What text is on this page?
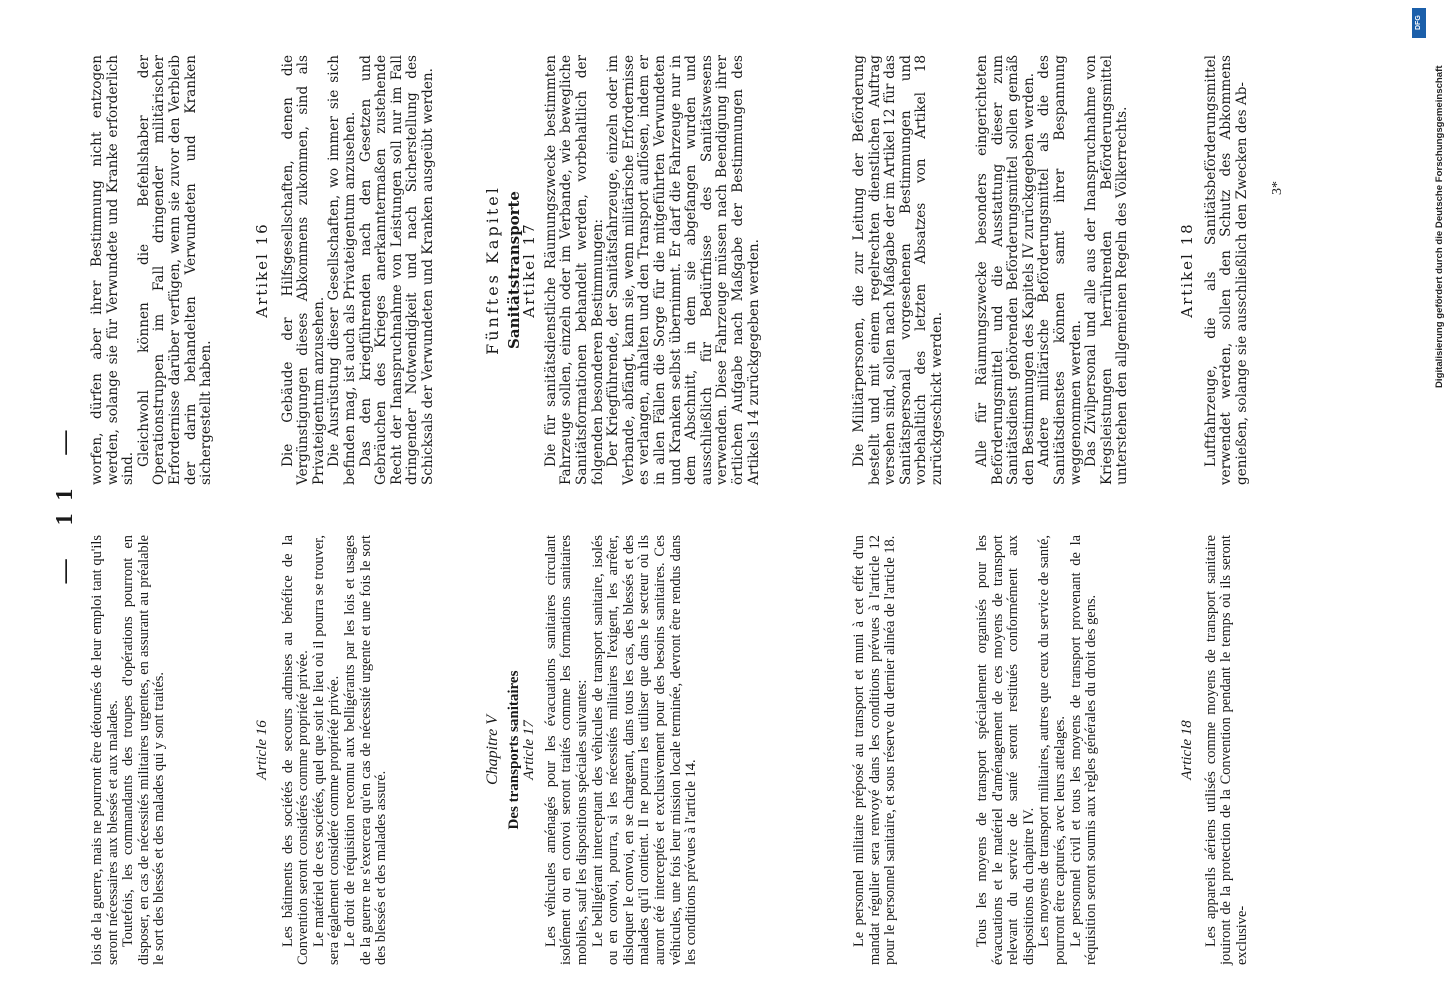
— 11 —

lois de la guerre, mais ne pourront être détournés de leur emploi tant qu'ils seront nécessaires aux blessés et aux malades. Toutefois, les commandants des troupes d'opérations pourront en disposer, en cas de nécessités militaires urgentes, en assurant au préalable le sort des blessés et des malades qui y sont traités.

worfen, dürfen aber ihrer Bestimmung nicht entzogen werden, solange sie für Verwundete und Kranke erforderlich sind.

Gleichwohl können die Befehlshaber der Operationstruppen im Fall dringender militärischer Erfordernisse darüber verfügen, wenn sie zuvor den Verbleib der darin behandelten Verwundeten und Kranken sichergestellt haben.

Article 16 Les bâtiments des sociétés de secours admises au bénéfice de la Convention seront considérés comme propriété privée. Le matériel de ces sociétés, quel que soit le lieu où il pourra se trouver, sera également considéré comme propriété privée. Le droit de réquisition reconnu aux belligérants par les lois et usages de la guerre ne s'exercera qu'en cas de nécessité urgente et une fois le sort des blessés et des malades assuré.

Artikel 16 Die Gebäude der Hilfsgesellschaften, denen die Vergünstigungen dieses Abkommens zukommen, sind als Privateigentum anzusehen. Die Ausrüstung dieser Gesellschaften, wo immer sie sich befinden mag, ist auch als Privateigentum anzusehen. Das den kriegführenden nach den Gesetzen und Gebräuchen des Krieges anerkanntermaßen zustehende Recht der Inanspruchnahme von Leistungen soll nur im Fall dringender Notwendigkeit und nach Sicherstellung des Schicksals der Verwundeten und Kranken ausgeübt werden.

Chapitre V Des transports sanitaires Article 17 Les véhicules aménagés pour les évacuations sanitaires circulant isolément ou en convoi seront traités comme les formations sanitaires mobiles, sauf les dispositions spéciales suivantes: Le belligérant interceptant des véhicules de transport sanitaire, isolés ou en convoi, pourra, si les nécessités militaires l'exigent, les arrêter, disloquer le convoi, en se chargeant, dans tous les cas, des blessés et des malades qu'il contient. Il ne pourra les utiliser que dans le secteur où ils auront été interceptés et exclusivement pour des besoins sanitaires. Ces véhicules, une fois leur mission locale terminée, devront être rendus dans les conditions prévues à l'article 14.

Fünftes Kapitel Sanitätstransporte

Artikel 17 Die für sanitätsdienstliche Räumungszwecke bestimmten Fahrzeuge sollen, einzeln oder im Verbande, wie bewegliche Sanitätsformationen behandelt werden, vorbehaltlich der folgenden besonderen Bestimmungen: Der Kriegführende, der Sanitätsfahrzeuge, einzeln oder im Verbande, abfängt, kann sie, wenn militärische Erfordernisse es verlangen, anhalten und den Transport auflösen, indem er in allen Fällen die Sorge für die mitgeführten Verwundeten und Kranken selbst übernimmt. Er darf die Fahrzeuge nur in dem Abschnitt, in dem sie abgefangen wurden und ausschließlich für Bedürfnisse des Sanitätswesens verwenden. Diese Fahrzeuge müssen nach Beendigung ihrer örtlichen Aufgabe nach Maßgabe der Bestimmungen des Artikels 14 zurückgegeben werden.

Le personnel militaire préposé au transport et muni à cet effet d'un mandat régulier sera renvoyé dans les conditions prévues à l'article 12 pour le personnel sanitaire, et sous réserve du dernier alinéa de l'article 18.

Die Militärpersonen, die zur Leitung der Beförderung bestellt und mit einem regelrechten dienstlichen Auftrag versehen sind, sollen nach Maßgabe der im Artikel 12 für das Sanitätspersonal vorgesehenen Bestimmungen und vorbehaltlich des letzten Absatzes von Artikel 18 zurückgeschickt werden.

Tous les moyens de transport spécialement organisés pour les évacuations et le matériel d'aménagement de ces moyens de transport relevant du service de santé seront restitués conformément aux dispositions du chapitre IV. Les moyens de transport militaires, autres que ceux du service de santé, pourront être capturés, avec leurs attelages. Le personnel civil et tous les moyens de transport provenant de la réquisition seront soumis aux règles générales du droit des gens.

Alle für Räumungszwecke besonders eingerichteten Beförderungsmittel und die Ausstattung dieser zum Sanitätsdienst gehörenden Beförderungsmittel sollen gemäß den Bestimmungen des Kapitels IV zurückgegeben werden. Andere militärische Beförderungsmittel als die des Sanitätsdienstes können samt ihrer Bespannung weggenommen werden. Das Zivilpersonal und alle aus der Inanspruchnahme von Kriegsleistungen herrührenden Beförderungsmittel unterstehen den allgemeinen Regeln des Völkerrechts.

Article 18 Les appareils aériens utilisés comme moyens de transport sanitaire jouiront de la protection de la Convention pendant le temps où ils seront exclusive-

Artikel 18 Luftfahrzeuge, die als Sanitätsbeförderungsmittel verwendet werden, sollen den Schutz des Abkommens genießen, solange sie ausschließlich den Zwecken des Ab- 3*
DFG
Digitalisierung gefördert durch die Deutsche Forschungsgemeinschaft
